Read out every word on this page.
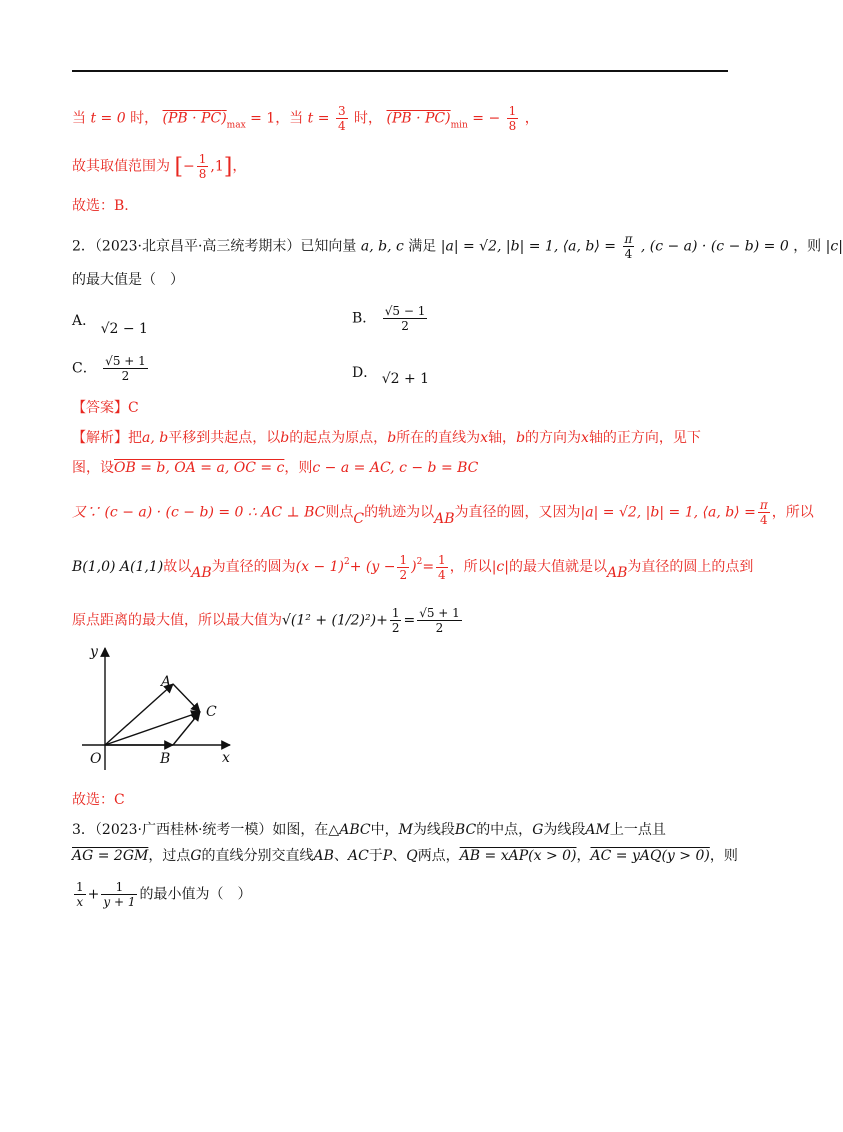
当 t = 0 时， $(PB \cdot PC)_{max} = 1$，当 $t = \frac{3}{4}$ 时， $(PB \cdot PC)_{min}$ = − $\frac{1}{8}$ ，
故其取值范围为 [− $\frac{1}{8} ,1$]，
故选：B.
2．（2023·北京昌平·高三统考期末）已知向量 a, b, c 满足 |a| = √2, |b| = 1, ⟨a, b⟩ = $\frac{\pi}{4}$ , (c − a) · (c − b) = 0 ，则 |c|
的最大值是（　）
A． √2 − 1
B． $\frac{√5 - 1}{2}$
C． $\frac{√5 + 1}{2}$	D． √2 + 1
【答案】C
【解析】把a, b平移到共起点，以b的起点为原点，b所在的直线为x轴，b的方向为x轴的正方向，见下
图，设OB = b, OA = a, OC = c，则c − a = AC, c − b = BC
又∵ (c − a) · (c − b) = 0 ∴ AC ⊥ BC则点C的轨迹为以AB为直径的圆，又因为|a| = √2, |b| = 1, ⟨a, b⟩ = $\frac{\pi}{4}$ ，所以
B(1,0) A(1,1)故以AB为直径的圆为$(x - 1)^2+ (y - \frac{1}{2} )^2= \frac{1}{4}$ ，所以|c|的最大值就是以AB为直径的圆上的点到
原点距离的最大值，所以最大值为$√(1^2 + (1/2)^2)+ \frac{1}{2} = \frac{√5 + 1}{2}$
y
x
O
A
B
C
故选：C
3．（2023·广西桂林·统考一模）如图，在△ABC中，M为线段BC的中点，G为线段AM上一点且
AG = 2GM，过点G的直线分别交直线AB、AC于P、Q两点，AB = xAP(x > 0)，AC = yAQ(y > 0)，则
$\frac{1}{x} + \frac{1}{y + 1}$ 的最小值为（　）
